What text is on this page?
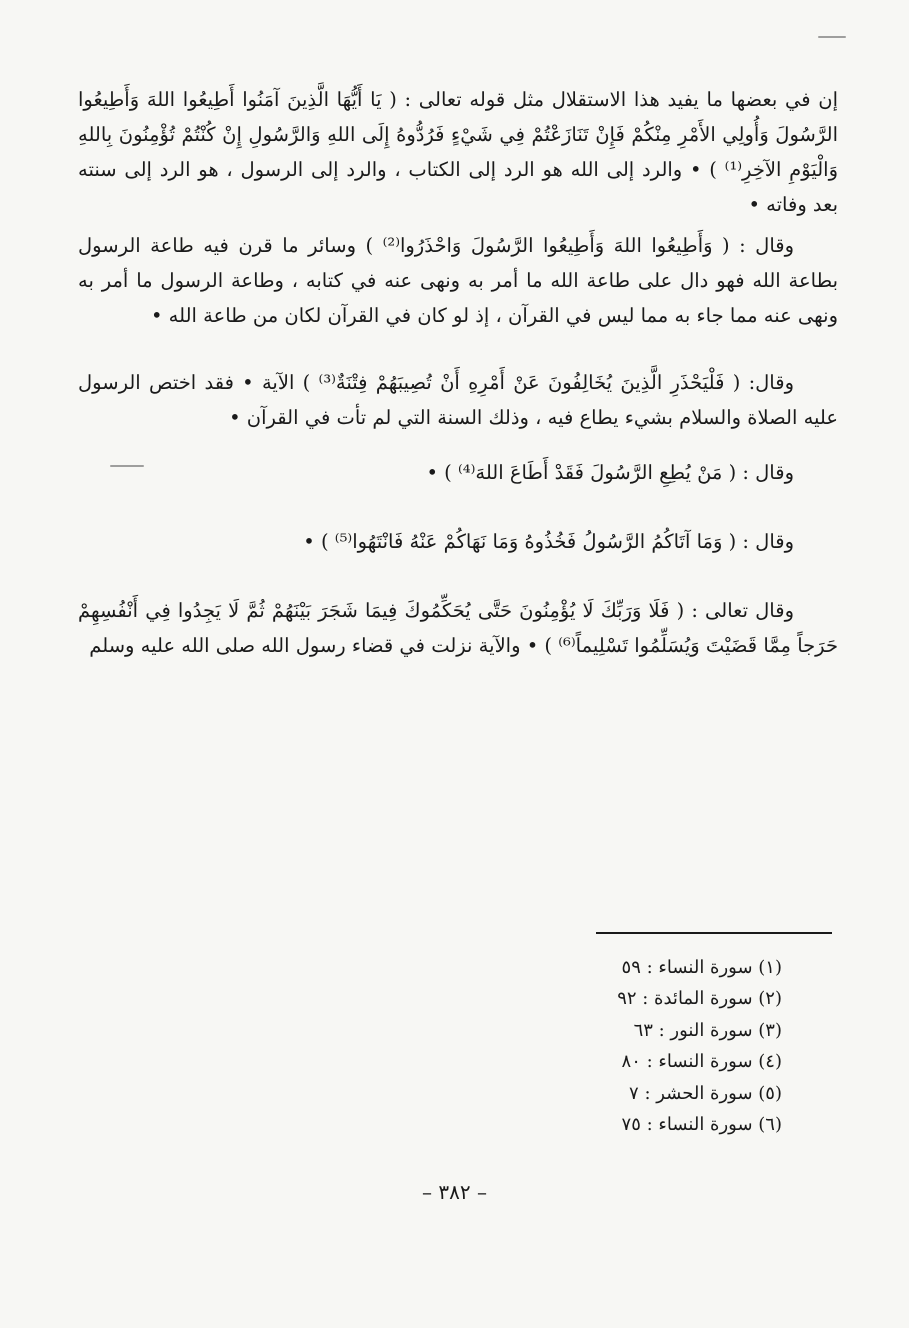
إن في بعضها ما يفيد هذا الاستقلال مثل قوله تعالى : ( يَا أَيُّهَا الَّذِينَ آمَنُوا أَطِيعُوا اللهَ وَأَطِيعُوا الرَّسُولَ وَأُولِي الأَمْرِ مِنْكُمْ فَإِنْ تَنَازَعْتُمْ فِي شَيْءٍ فَرُدُّوهُ إِلَى اللهِ وَالرَّسُولِ إِنْ كُنْتُمْ تُؤْمِنُونَ بِاللهِ وَالْيَوْمِ الآخِرِ⁽¹⁾ ) • والرد إلى الله هو الرد إلى الكتاب ، والرد إلى الرسول ، هو الرد إلى سنته بعد وفاته •

وقال : ( وَأَطِيعُوا اللهَ وَأَطِيعُوا الرَّسُولَ وَاحْذَرُوا⁽²⁾ ) وسائر ما قرن فيه طاعة الرسول بطاعة الله فهو دال على طاعة الله ما أمر به ونهى عنه في كتابه ، وطاعة الرسول ما أمر به ونهى عنه مما جاء به مما ليس في القرآن ، إذ لو كان في القرآن لكان من طاعة الله •

وقال: ( فَلْيَحْذَرِ الَّذِينَ يُخَالِفُونَ عَنْ أَمْرِهِ أَنْ تُصِيبَهُمْ فِتْنَةٌ⁽³⁾ ) الآية • فقد اختص الرسول عليه الصلاة والسلام بشيء يطاع فيه ، وذلك السنة التي لم تأت في القرآن •

وقال : ( مَنْ يُطِعِ الرَّسُولَ فَقَدْ أَطَاعَ اللهَ⁽⁴⁾ ) •

وقال : ( وَمَا آتَاكُمُ الرَّسُولُ فَخُذُوهُ وَمَا نَهَاكُمْ عَنْهُ فَانْتَهُوا⁽⁵⁾ ) •

وقال تعالى : ( فَلَا وَرَبِّكَ لَا يُؤْمِنُونَ حَتَّى يُحَكِّمُوكَ فِيمَا شَجَرَ بَيْنَهُمْ ثُمَّ لَا يَجِدُوا فِي أَنْفُسِهِمْ حَرَجاً مِمَّا قَضَيْتَ وَيُسَلِّمُوا تَسْلِيماً⁽⁶⁾ ) • والآية نزلت في قضاء رسول الله صلى الله عليه وسلم

(١) سورة النساء : ٥٩
(٢) سورة المائدة : ٩٢
(٣) سورة النور : ٦٣
(٤) سورة النساء : ٨٠
(٥) سورة الحشر : ٧
(٦) سورة النساء : ٧٥
– ٣٨٢ –
